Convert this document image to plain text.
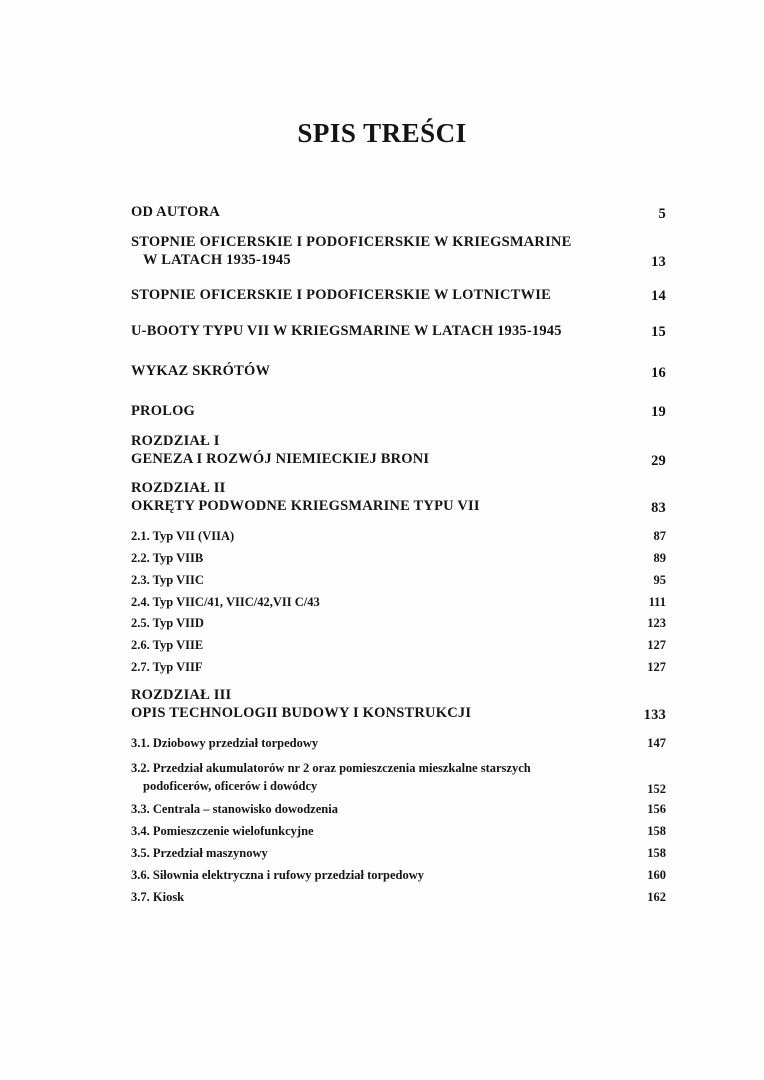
SPIS TREŚCI
OD AUTORA	5
STOPNIE OFICERSKIE I PODOFICERSKIE W KRIEGSMARINE
W LATACH 1935-1945	13
STOPNIE OFICERSKIE I PODOFICERSKIE W LOTNICTWIE	14
U-BOOTY TYPU VII W KRIEGSMARINE W LATACH 1935-1945	15
WYKAZ SKRÓTÓW	16
PROLOG	19
ROZDZIAŁ I
GENEZA I ROZWÓJ NIEMIECKIEJ BRONI	29
ROZDZIAŁ II
OKRĘTY PODWODNE KRIEGSMARINE TYPU VII	83
2.1. Typ VII (VIIA)	87
2.2. Typ VIIB	89
2.3. Typ VIIC	95
2.4. Typ VIIC/41, VIIC/42,VII C/43	111
2.5. Typ VIID	123
2.6. Typ VIIE	127
2.7. Typ VIIF	127
ROZDZIAŁ III
OPIS TECHNOLOGII BUDOWY I KONSTRUKCJI	133
3.1. Dziobowy przedział torpedowy	147
3.2. Przedział akumulatorów nr 2 oraz pomieszczenia mieszkalne starszych
podoficerów, oficerów i dowódcy	152
3.3. Centrala – stanowisko dowodzenia	156
3.4. Pomieszczenie wielofunkcyjne	158
3.5. Przedział maszynowy	158
3.6. Siłownia elektryczna i rufowy przedział torpedowy	160
3.7. Kiosk	162
